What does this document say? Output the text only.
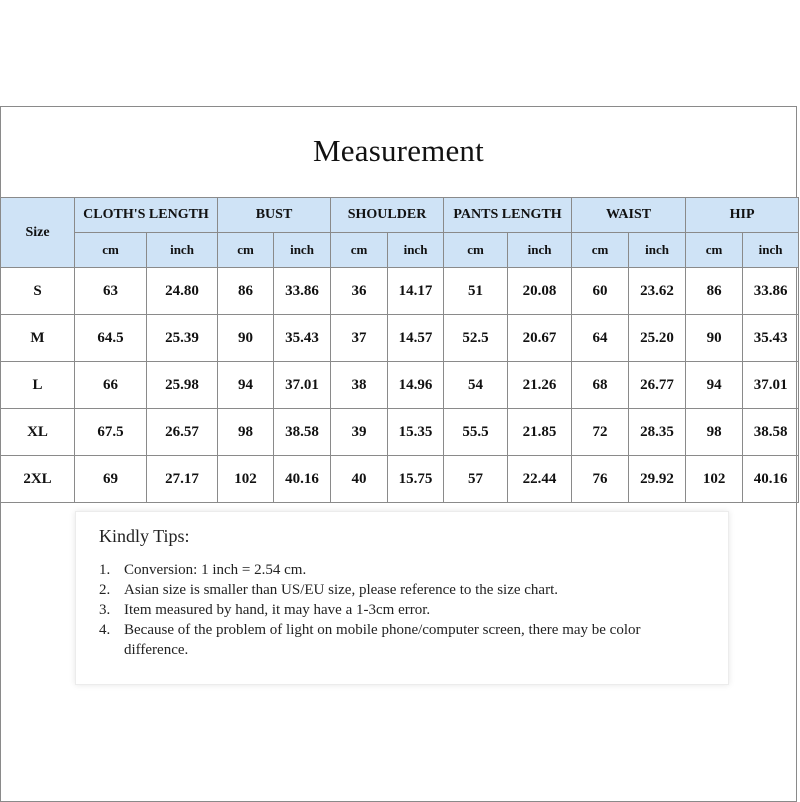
Measurement
Size	CLOTH'S LENGTH		BUST		SHOULDER		PANTS LENGTH		WAIST		HIP	
	cm	inch	cm	inch	cm	inch	cm	inch	cm	inch	cm	inch
S	63	24.80	86	33.86	36	14.17	51	20.08	60	23.62	86	33.86
M	64.5	25.39	90	35.43	37	14.57	52.5	20.67	64	25.20	90	35.43
L	66	25.98	94	37.01	38	14.96	54	21.26	68	26.77	94	37.01
XL	67.5	26.57	98	38.58	39	15.35	55.5	21.85	72	28.35	98	38.58
2XL	69	27.17	102	40.16	40	15.75	57	22.44	76	29.92	102	40.16
Kindly Tips:
1. Conversion: 1 inch = 2.54 cm.
2. Asian size is smaller than US/EU size, please reference to the size chart.
3. Item measured by hand, it may have a 1-3cm error.
4. Because of the problem of light on mobile phone/computer screen, there may be color difference.
